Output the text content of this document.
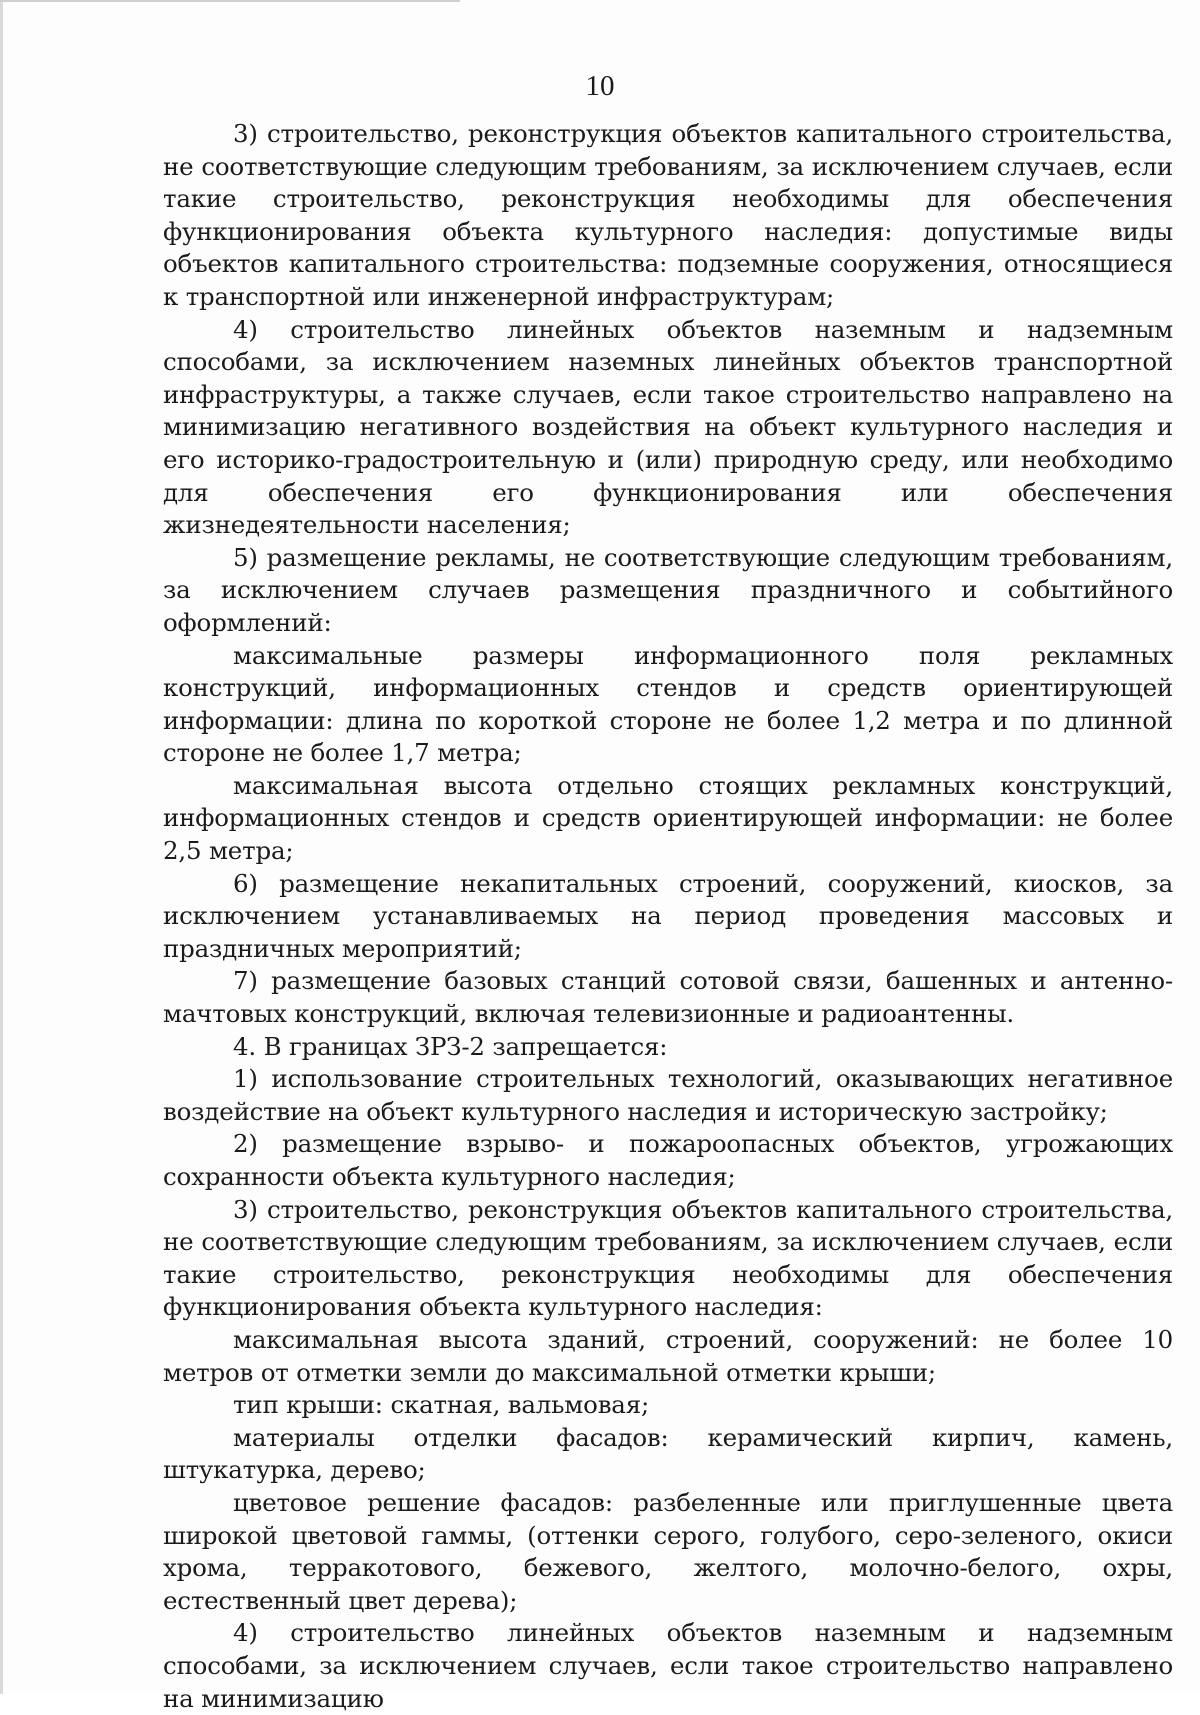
10

3) строительство, реконструкция объектов капитального строительства, не соответствующие следующим требованиям, за исключением случаев, если такие строительство, реконструкция необходимы для обеспечения функционирования объекта культурного наследия: допустимые виды объектов капитального строительства: подземные сооружения, относящиеся к транспортной или инженерной инфраструктурам;

4) строительство линейных объектов наземным и надземным способами, за исключением наземных линейных объектов транспортной инфраструктуры, а также случаев, если такое строительство направлено на минимизацию негативного воздействия на объект культурного наследия и его историко-градостроительную и (или) природную среду, или необходимо для обеспечения его функционирования или обеспечения жизнедеятельности населения;

5) размещение рекламы, не соответствующие следующим требованиям, за исключением случаев размещения праздничного и событийного оформлений:

максимальные размеры информационного поля рекламных конструкций, информационных стендов и средств ориентирующей информации: длина по короткой стороне не более 1,2 метра и по длинной стороне не более 1,7 метра;

максимальная высота отдельно стоящих рекламных конструкций, информационных стендов и средств ориентирующей информации: не более 2,5 метра;

6) размещение некапитальных строений, сооружений, киосков, за исключением устанавливаемых на период проведения массовых и праздничных мероприятий;

7) размещение базовых станций сотовой связи, башенных и антенно-мачтовых конструкций, включая телевизионные и радиоантенны.

4. В границах ЗРЗ-2 запрещается:

1) использование строительных технологий, оказывающих негативное воздействие на объект культурного наследия и историческую застройку;

2) размещение взрыво- и пожароопасных объектов, угрожающих сохранности объекта культурного наследия;

3) строительство, реконструкция объектов капитального строительства, не соответствующие следующим требованиям, за исключением случаев, если такие строительство, реконструкция необходимы для обеспечения функционирования объекта культурного наследия:

максимальная высота зданий, строений, сооружений: не более 10 метров от отметки земли до максимальной отметки крыши;

тип крыши: скатная, вальмовая;

материалы отделки фасадов: керамический кирпич, камень, штукатурка, дерево;

цветовое решение фасадов: разбеленные или приглушенные цвета широкой цветовой гаммы, (оттенки серого, голубого, серо-зеленого, окиси хрома, терракотового, бежевого, желтого, молочно-белого, охры, естественный цвет дерева);

4) строительство линейных объектов наземным и надземным способами, за исключением случаев, если такое строительство направлено на минимизацию
